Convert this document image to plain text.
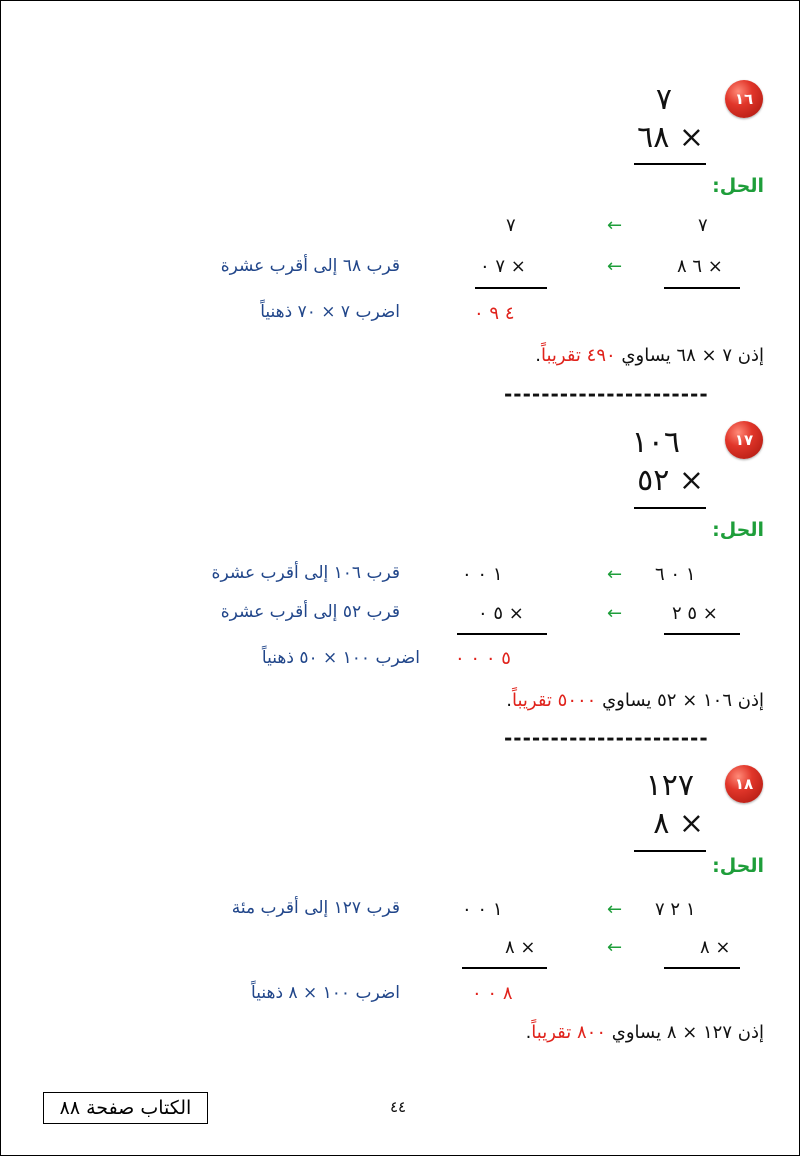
١٦
٧
٦٨ ×
الحل:
٧
←
٧
٦ ٨ ×
←
٧ ٠ ×
قرب ٦٨ إلى أقرب عشرة
٤ ٩ ٠
اضرب ٧ × ٧٠ ذهنياً
إذن ٧ × ٦٨ يساوي ٤٩٠ تقريباً.
----------------------
١٧
١٠٦
٥٢ ×
الحل:
١ ٠ ٦
←
١ ٠ ٠
قرب ١٠٦ إلى أقرب عشرة
٥ ٢ ×
←
٥ ٠ ×
قرب ٥٢ إلى أقرب عشرة
٥ ٠ ٠ ٠
اضرب ١٠٠ × ٥٠ ذهنياً
إذن ١٠٦ × ٥٢ يساوي ٥٠٠٠ تقريباً.
----------------------
١٨
١٢٧
٨ ×
الحل:
١ ٢ ٧
←
١ ٠ ٠
قرب ١٢٧ إلى أقرب مئة
٨ ×
←
٨ ×
٨ ٠ ٠
اضرب ١٠٠ × ٨ ذهنياً
إذن ١٢٧ × ٨ يساوي ٨٠٠ تقريباً.
٤٤
الكتاب صفحة ٨٨
